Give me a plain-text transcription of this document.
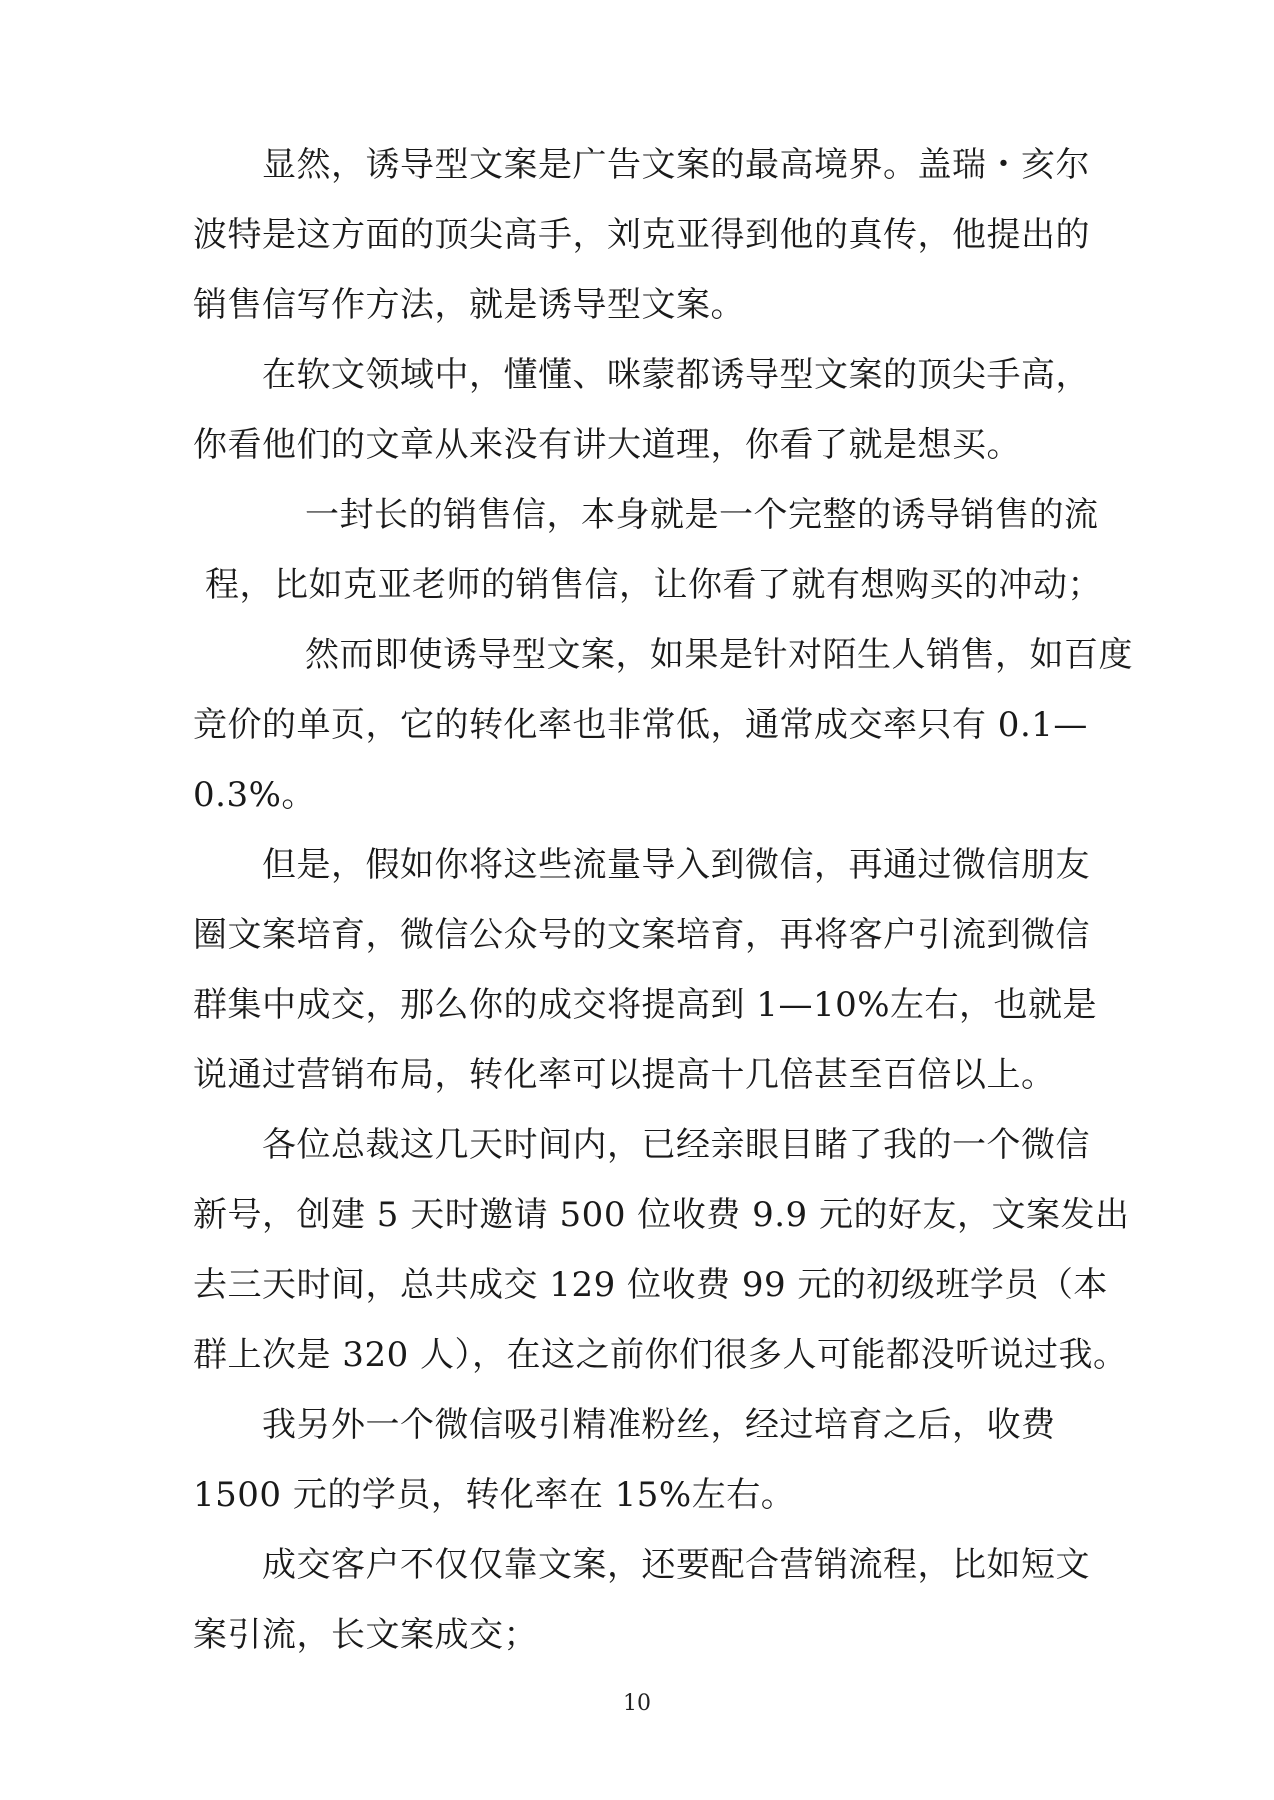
显然，诱导型文案是广告文案的最高境界。盖瑞・亥尔
波特是这方面的顶尖高手，刘克亚得到他的真传，他提出的
销售信写作方法，就是诱导型文案。
在软文领域中，懂懂、咪蒙都诱导型文案的顶尖手高，
你看他们的文章从来没有讲大道理，你看了就是想买。
一封长的销售信，本身就是一个完整的诱导销售的流
程，比如克亚老师的销售信，让你看了就有想购买的冲动；
然而即使诱导型文案，如果是针对陌生人销售，如百度
竞价的单页，它的转化率也非常低，通常成交率只有 0.1—
0.3%。
但是，假如你将这些流量导入到微信，再通过微信朋友
圈文案培育，微信公众号的文案培育，再将客户引流到微信
群集中成交，那么你的成交将提高到 1—10%左右，也就是
说通过营销布局，转化率可以提高十几倍甚至百倍以上。
各位总裁这几天时间内，已经亲眼目睹了我的一个微信
新号，创建 5 天时邀请 500 位收费 9.9 元的好友，文案发出
去三天时间，总共成交 129 位收费 99 元的初级班学员（本
群上次是 320 人），在这之前你们很多人可能都没听说过我。
我另外一个微信吸引精准粉丝，经过培育之后，收费
1500 元的学员，转化率在 15%左右。
成交客户不仅仅靠文案，还要配合营销流程，比如短文
案引流，长文案成交；
10
